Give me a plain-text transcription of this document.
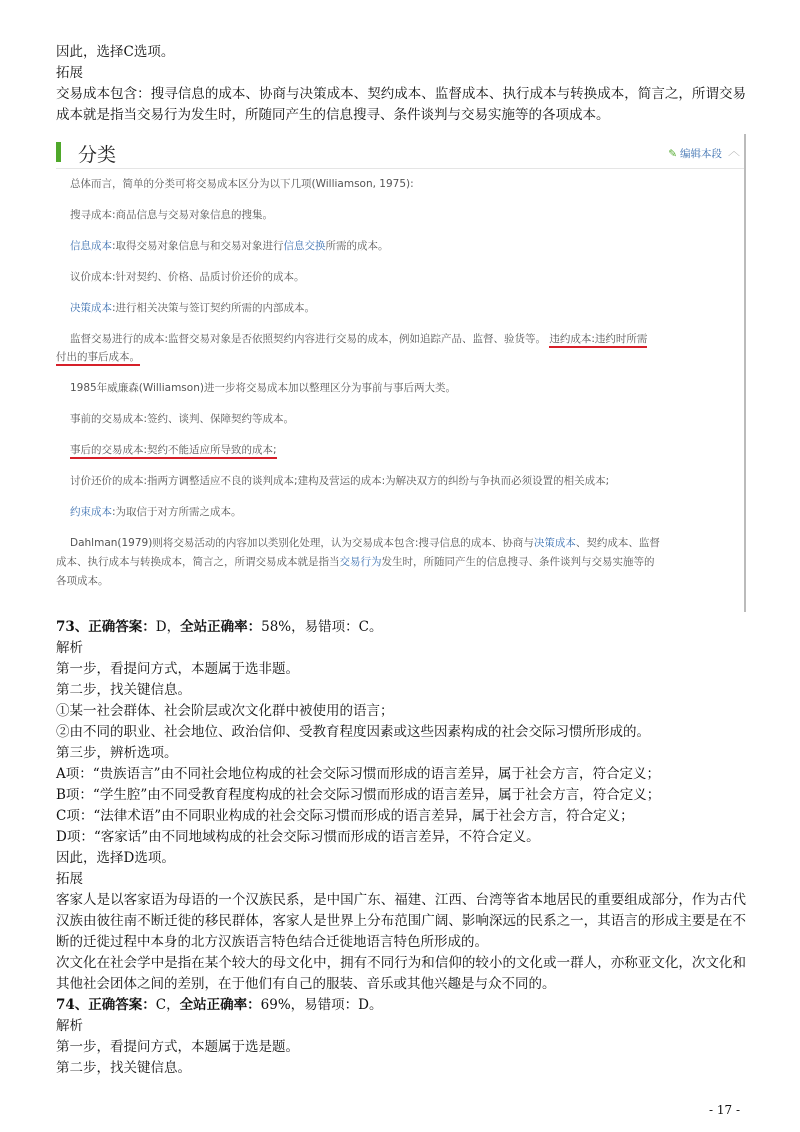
因此，选择C选项。
拓展
交易成本包含：搜寻信息的成本、协商与决策成本、契约成本、监督成本、执行成本与转换成本，简言之，所谓交易成本就是指当交易行为发生时，所随同产生的信息搜寻、条件谈判与交易实施等的各项成本。
分类	✎ 编辑本段 ︿
总体而言，简单的分类可将交易成本区分为以下几项(Williamson, 1975):
搜寻成本:商品信息与交易对象信息的搜集。
信息成本:取得交易对象信息与和交易对象进行信息交换所需的成本。
议价成本:针对契约、价格、品质讨价还价的成本。
决策成本:进行相关决策与签订契约所需的内部成本。
监督交易进行的成本:监督交易对象是否依照契约内容进行交易的成本，例如追踪产品、监督、验货等。 违约成本:违约时所需
付出的事后成本。
1985年威廉森(Williamson)进一步将交易成本加以整理区分为事前与事后两大类。
事前的交易成本:签约、谈判、保障契约等成本。
事后的交易成本:契约不能适应所导致的成本;
讨价还价的成本:指两方调整适应不良的谈判成本;建构及营运的成本:为解决双方的纠纷与争执而必须设置的相关成本;
约束成本:为取信于对方所需之成本。
Dahlman(1979)则将交易活动的内容加以类别化处理，认为交易成本包含:搜寻信息的成本、协商与决策成本、契约成本、监督
成本、执行成本与转换成本，简言之，所谓交易成本就是指当交易行为发生时，所随同产生的信息搜寻、条件谈判与交易实施等的
各项成本。
73、正确答案：D，全站正确率：58%，易错项：C。
解析
第一步，看提问方式，本题属于选非题。
第二步，找关键信息。
①某一社会群体、社会阶层或次文化群中被使用的语言；
②由不同的职业、社会地位、政治信仰、受教育程度因素或这些因素构成的社会交际习惯所形成的。
第三步，辨析选项。
A项：“贵族语言”由不同社会地位构成的社会交际习惯而形成的语言差异，属于社会方言，符合定义；
B项：“学生腔”由不同受教育程度构成的社会交际习惯而形成的语言差异，属于社会方言，符合定义；
C项：“法律术语”由不同职业构成的社会交际习惯而形成的语言差异，属于社会方言，符合定义；
D项：“客家话”由不同地域构成的社会交际习惯而形成的语言差异，不符合定义。
因此，选择D选项。
拓展
客家人是以客家语为母语的一个汉族民系，是中国广东、福建、江西、台湾等省本地居民的重要组成部分，作为古代汉族由彼往南不断迁徙的移民群体，客家人是世界上分布范围广阔、影响深远的民系之一，其语言的形成主要是在不断的迁徙过程中本身的北方汉族语言特色结合迁徙地语言特色所形成的。
次文化在社会学中是指在某个较大的母文化中，拥有不同行为和信仰的较小的文化或一群人，亦称亚文化，次文化和其他社会团体之间的差别，在于他们有自己的服装、音乐或其他兴趣是与众不同的。
74、正确答案：C，全站正确率：69%，易错项：D。
解析
第一步，看提问方式，本题属于选是题。
第二步，找关键信息。
- 17 -
